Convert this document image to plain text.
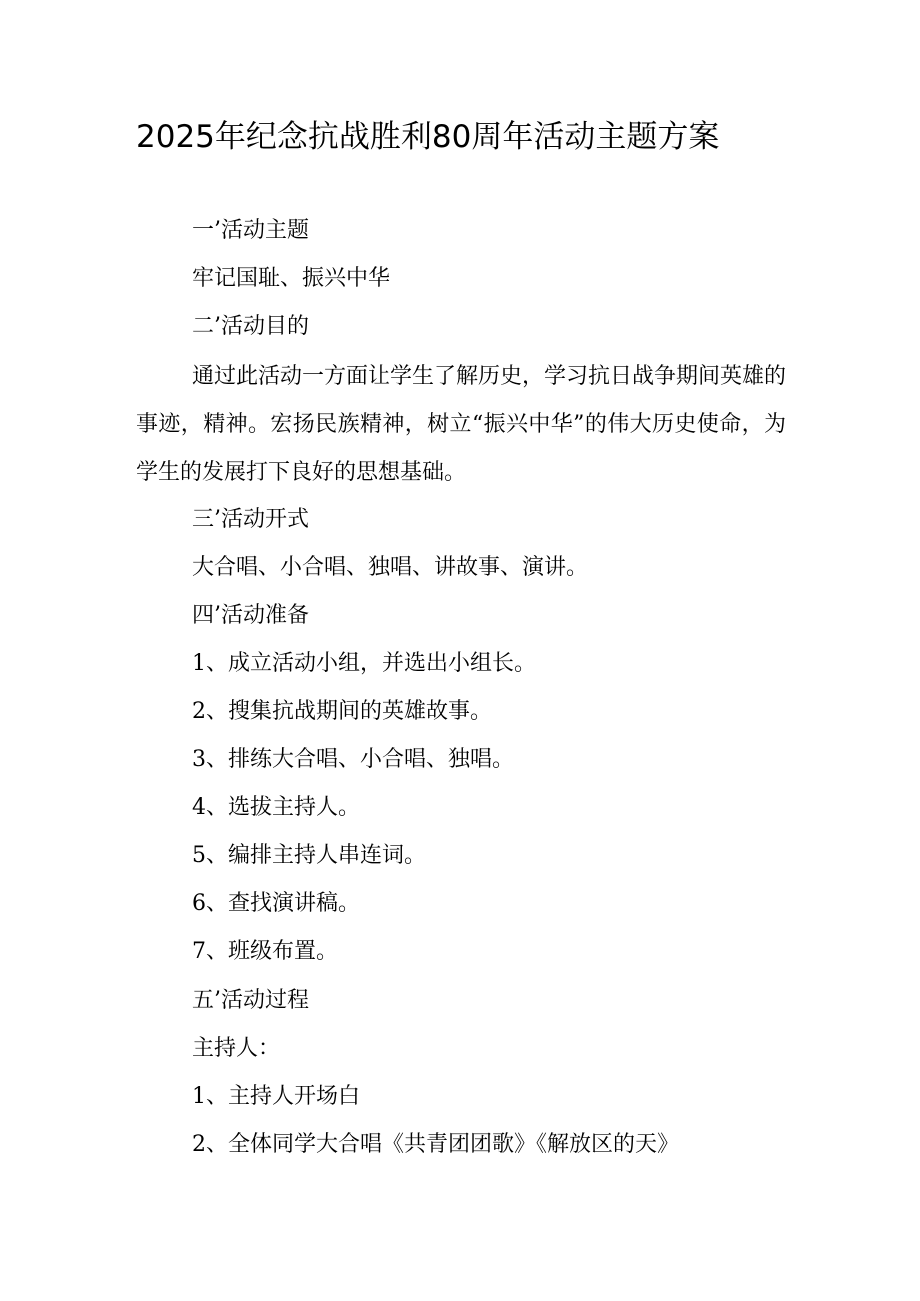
2025年纪念抗战胜利80周年活动主题方案
一’活动主题
牢记国耻、振兴中华
二’活动目的

通过此活动一方面让学生了解历史，学习抗日战争期间英雄的事迹，精神。宏扬民族精神，树立“振兴中华”的伟大历史使命，为学生的发展打下良好的思想基础。

三’活动开式
大合唱、小合唱、独唱、讲故事、演讲。
四’活动准备
1、成立活动小组，并选出小组长。
2、搜集抗战期间的英雄故事。
3、排练大合唱、小合唱、独唱。
4、选拔主持人。
5、编排主持人串连词。
6、查找演讲稿。
7、班级布置。
五’活动过程
主持人：
1、主持人开场白
2、全体同学大合唱《共青团团歌》《解放区的天》
